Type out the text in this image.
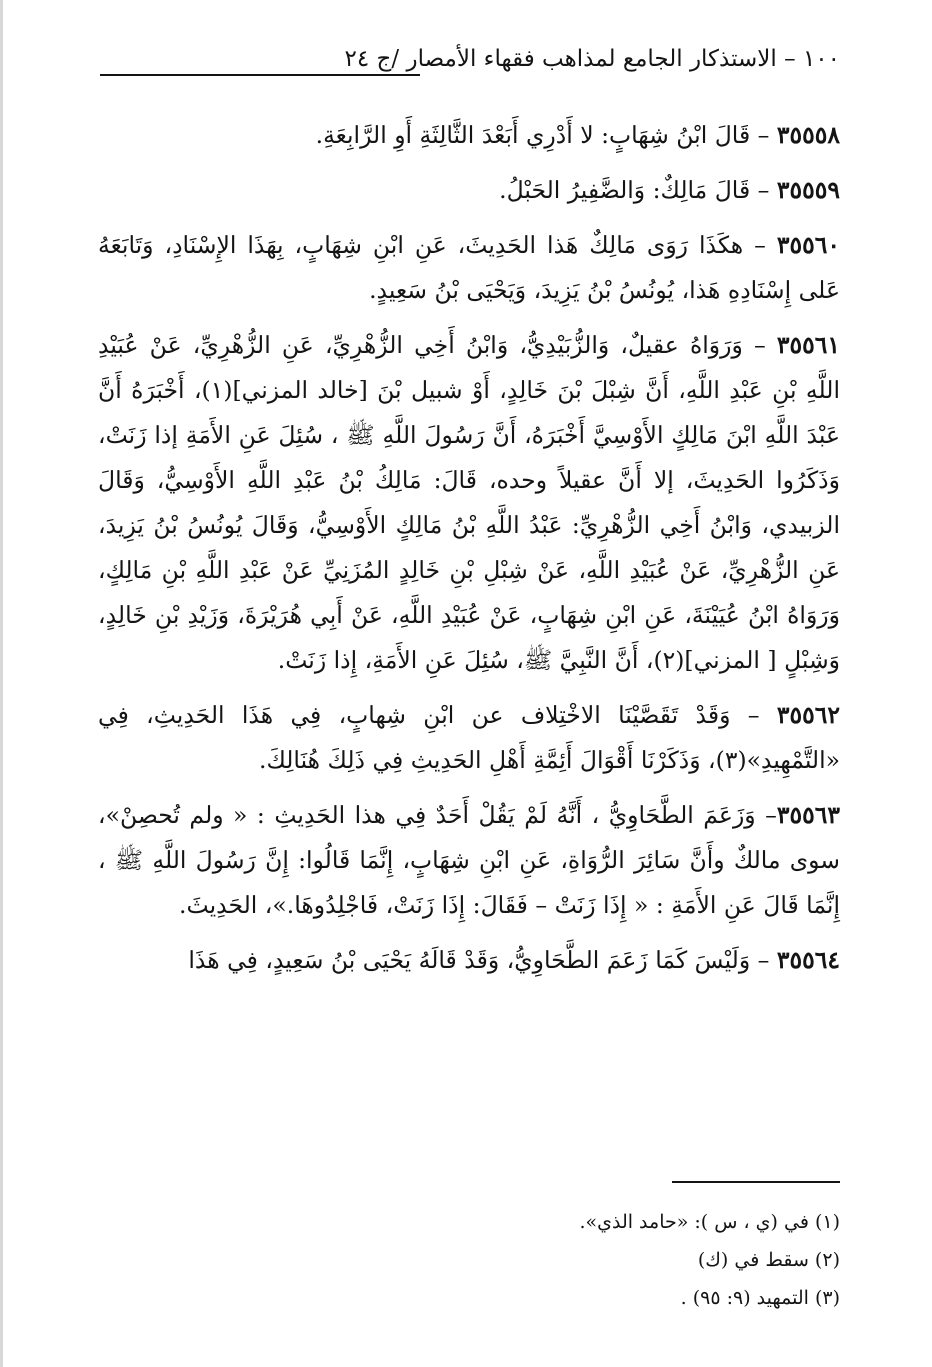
١٠٠ – الاستذكار الجامع لمذاهب فقهاء الأمصار /ج ٢٤

٣٥٥٥٨ – قَالَ ابْنُ شِهَابٍ: لا أَدْرِي أَبَعْدَ الثَّالِثَةِ أَوِ الرَّابِعَةِ.

٣٥٥٥٩ – قَالَ مَالِكٌ: وَالضَّفِيرُ الحَبْلُ.

٣٥٥٦٠ – هكَذَا رَوَى مَالِكٌ هَذا الحَدِيثَ، عَنِ ابْنِ شِهَابٍ، بِهَذَا الإِسْنَادِ، وَتَابَعَهُ عَلى إِسْنَادِهِ هَذا، يُونُسُ بْنُ يَزِيدَ، وَيَحْيَى بْنُ سَعِيدٍ.

٣٥٥٦١ – وَرَوَاهُ عقيلٌ، وَالزُّبَيْدِيُّ، وَابْنُ أَخِي الزُّهْرِيِّ، عَنِ الزُّهْرِيِّ، عَنْ عُبَيْدِ اللَّهِ بْنِ عَبْدِ اللَّهِ، أَنَّ شِبْلَ بْنَ خَالِدٍ، أَوْ شبيل بْنَ [خالد المزني](١)، أَخْبَرَهُ أَنَّ عَبْدَ اللَّهِ ابْنَ مَالِكٍ الأَوْسِيَّ أَخْبَرَهُ، أَنَّ رَسُولَ اللَّهِ ﷺ ، سُئِلَ عَنِ الأَمَةِ إذا زَنَتْ، وَذَكَرُوا الحَدِيثَ، إلا أَنَّ عقيلاً وحده، قَالَ: مَالِكُ بْنُ عَبْدِ اللَّهِ الأَوْسِيُّ، وَقَالَ الزبيدي، وَابْنُ أَخِي الزُّهْرِيِّ: عَبْدُ اللَّهِ بْنُ مَالِكٍ الأَوْسِيُّ، وَقَالَ يُونُسُ بْنُ يَزِيدَ، عَنِ الزُّهْرِيِّ، عَنْ عُبَيْدِ اللَّهِ، عَنْ شِبْلِ بْنِ خَالِدٍ المُزَنِيِّ عَنْ عَبْدِ اللَّهِ بْنِ مَالِكٍ، وَرَوَاهُ ابْنُ عُيَيْنَةَ، عَنِ ابْنِ شِهَابٍ، عَنْ عُبَيْدِ اللَّهِ، عَنْ أَبِي هُرَيْرَةَ، وَزَيْدِ بْنِ خَالِدٍ، وَشِبْلٍ [ المزني](٢)، أَنَّ النَّبِيَّ ﷺ، سُئِلَ عَنِ الأَمَةِ، إِذا زَنَتْ.

٣٥٥٦٢ – وَقَدْ تَقَصَّيْنَا الاخْتِلاف عن ابْنِ شِهابٍ، فِي هَذَا الحَدِيثِ، فِي «التَّمْهِيدِ»(٣)، وَذَكَرْنَا أَقْوَالَ أَئِمَّةِ أَهْلِ الحَدِيثِ فِي ذَلِكَ هُنَالِكَ.

٣٥٥٦٣– وَزَعَمَ الطَّحَاوِيُّ ، أَنَّهُ لَمْ يَقُلْ أَحَدٌ فِي هذا الحَدِيثِ : « ولم تُحصِنْ»، سوى مالكٌ وأَنَّ سَائِرَ الرُّوَاةِ، عَنِ ابْنِ شِهَابٍ، إِنَّمَا قَالُوا: إِنَّ رَسُولَ اللَّهِ ﷺ ، إِنَّمَا قَالَ عَنِ الأَمَةِ : « إِذَا زَنَتْ – فَقَالَ: إِذَا زَنَتْ، فَاجْلِدُوهَا.»، الحَدِيثَ.

٣٥٥٦٤ – وَلَيْسَ كَمَا زَعَمَ الطَّحَاوِيُّ، وَقَدْ قَالَهُ يَحْيَى بْنُ سَعِيدٍ، فِي هَذَا

(١) في (ي ، س ): «حامد الذي».
(٢) سقط في (ك)
(٣) التمهيد (٩: ٩٥) .
